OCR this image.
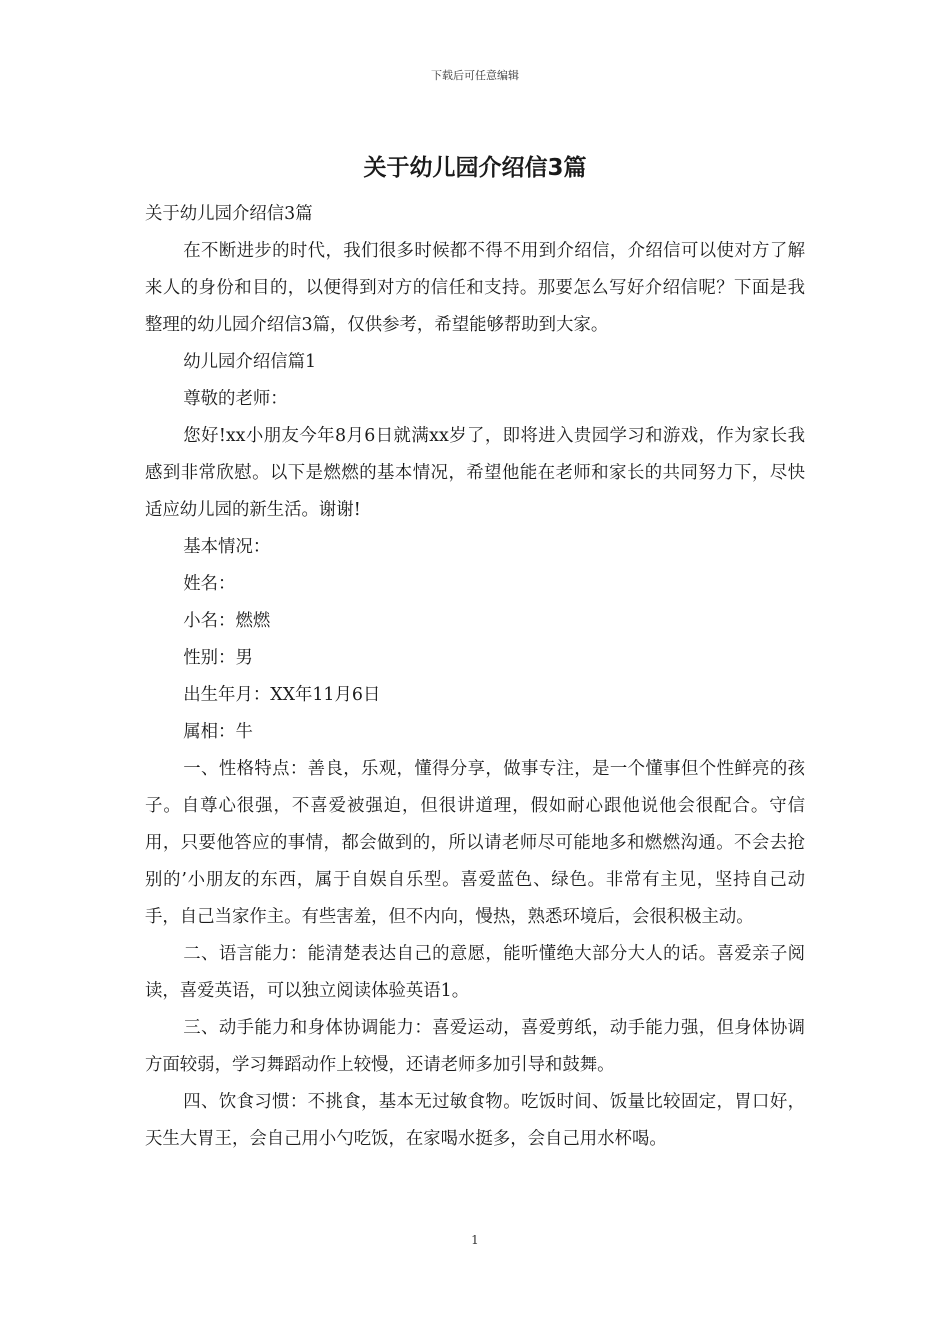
下载后可任意编辑
关于幼儿园介绍信3篇

关于幼儿园介绍信3篇

在不断进步的时代，我们很多时候都不得不用到介绍信，介绍信可以使对方了解来人的身份和目的，以便得到对方的信任和支持。那要怎么写好介绍信呢？下面是我整理的幼儿园介绍信3篇，仅供参考，希望能够帮助到大家。

幼儿园介绍信篇1

尊敬的老师：

您好!xx小朋友今年8月6日就满xx岁了，即将进入贵园学习和游戏，作为家长我感到非常欣慰。以下是燃燃的基本情况，希望他能在老师和家长的共同努力下，尽快适应幼儿园的新生活。谢谢!

基本情况：

姓名：

小名：燃燃

性别：男

出生年月：XX年11月6日

属相：牛

一、性格特点：善良，乐观，懂得分享，做事专注，是一个懂事但个性鲜亮的孩子。自尊心很强，不喜爱被强迫，但很讲道理，假如耐心跟他说他会很配合。守信用，只要他答应的事情，都会做到的，所以请老师尽可能地多和燃燃沟通。不会去抢别的’小朋友的东西，属于自娱自乐型。喜爱蓝色、绿色。非常有主见，坚持自己动手，自己当家作主。有些害羞，但不内向，慢热，熟悉环境后，会很积极主动。

二、语言能力：能清楚表达自己的意愿，能听懂绝大部分大人的话。喜爱亲子阅读，喜爱英语，可以独立阅读体验英语1。

三、动手能力和身体协调能力：喜爱运动，喜爱剪纸，动手能力强，但身体协调方面较弱，学习舞蹈动作上较慢，还请老师多加引导和鼓舞。

四、饮食习惯：不挑食，基本无过敏食物。吃饭时间、饭量比较固定，胃口好，天生大胃王，会自己用小勺吃饭，在家喝水挺多，会自己用水杯喝。

1
